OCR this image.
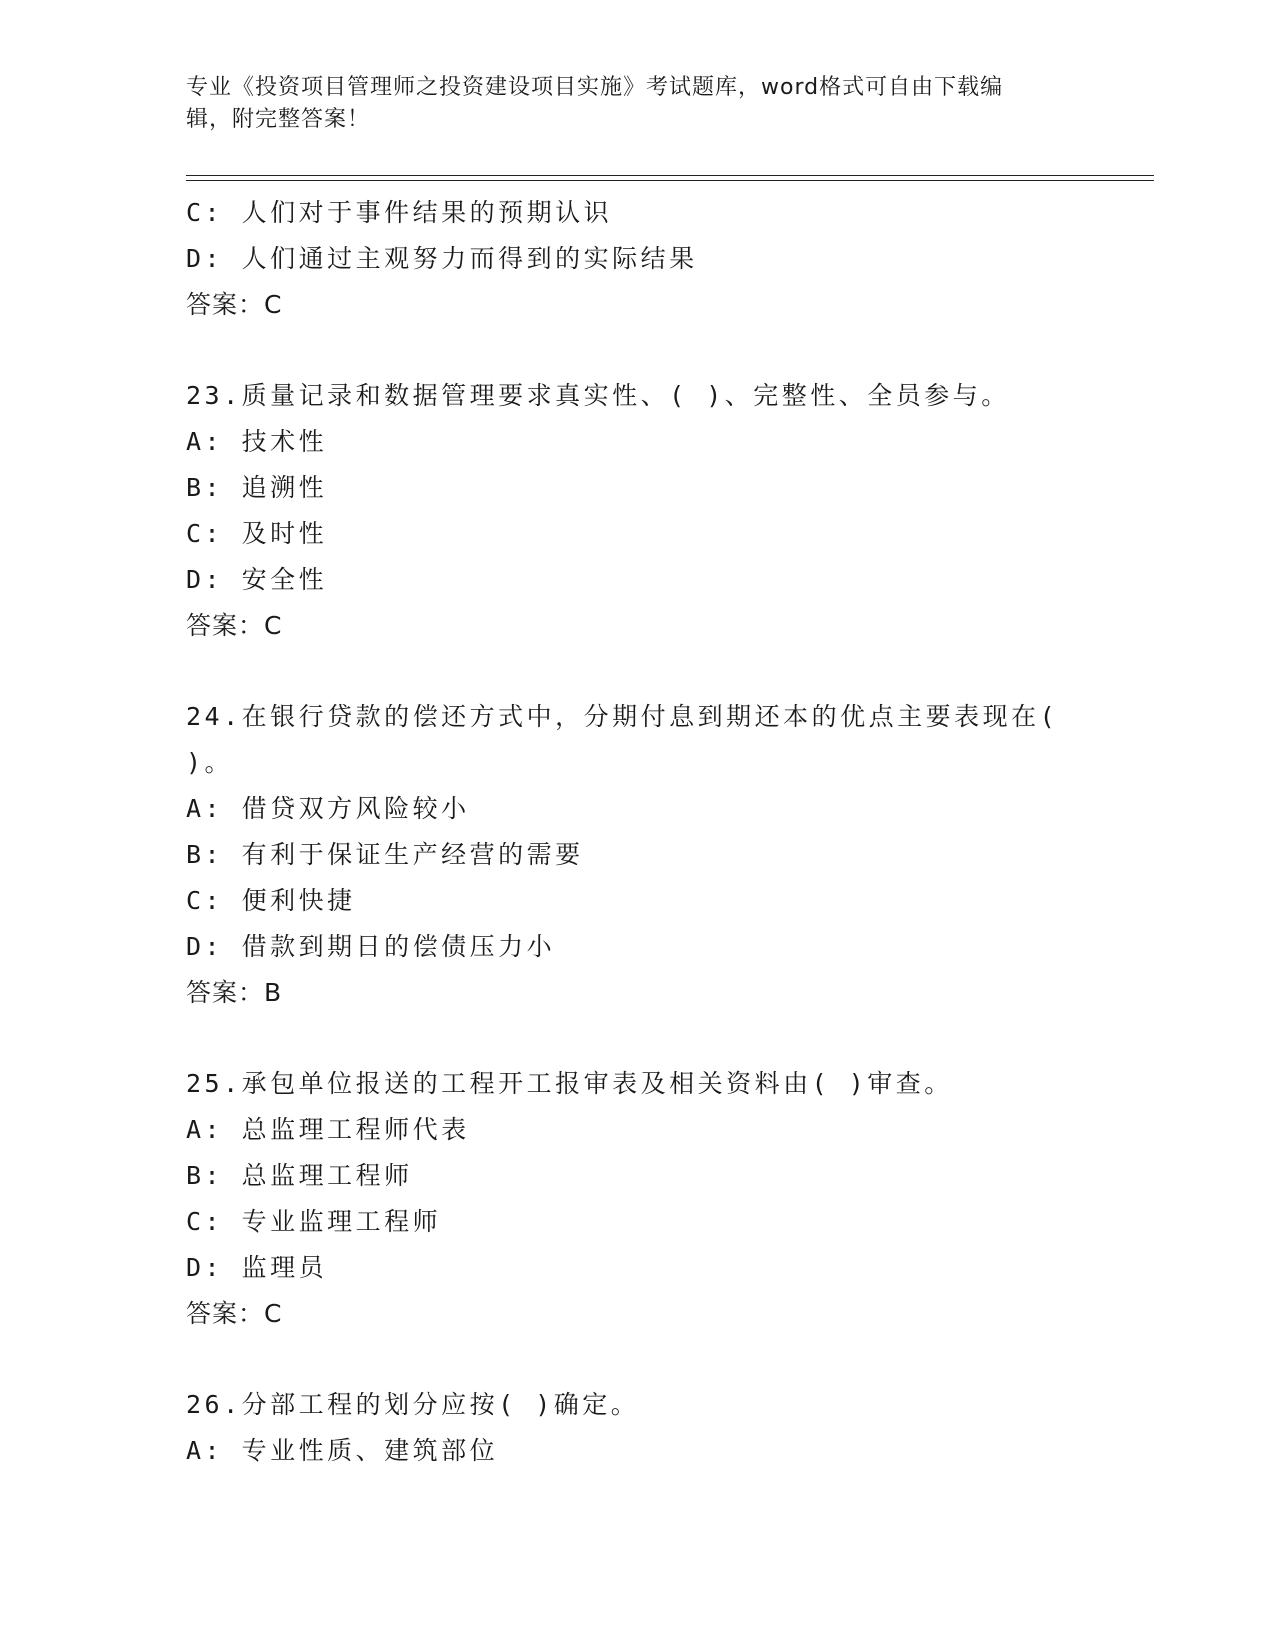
专业《投资项目管理师之投资建设项目实施》考试题库，word格式可自由下载编
辑，附完整答案！
C: 人们对于事件结果的预期认识
D: 人们通过主观努力而得到的实际结果
答案：C
23.质量记录和数据管理要求真实性、( )、完整性、全员参与。
A: 技术性
B: 追溯性
C: 及时性
D: 安全性
答案：C
24.在银行贷款的偿还方式中，分期付息到期还本的优点主要表现在(
)。
A: 借贷双方风险较小
B: 有利于保证生产经营的需要
C: 便利快捷
D: 借款到期日的偿债压力小
答案：B
25.承包单位报送的工程开工报审表及相关资料由( )审查。
A: 总监理工程师代表
B: 总监理工程师
C: 专业监理工程师
D: 监理员
答案：C
26.分部工程的划分应按( )确定。
A: 专业性质、建筑部位
